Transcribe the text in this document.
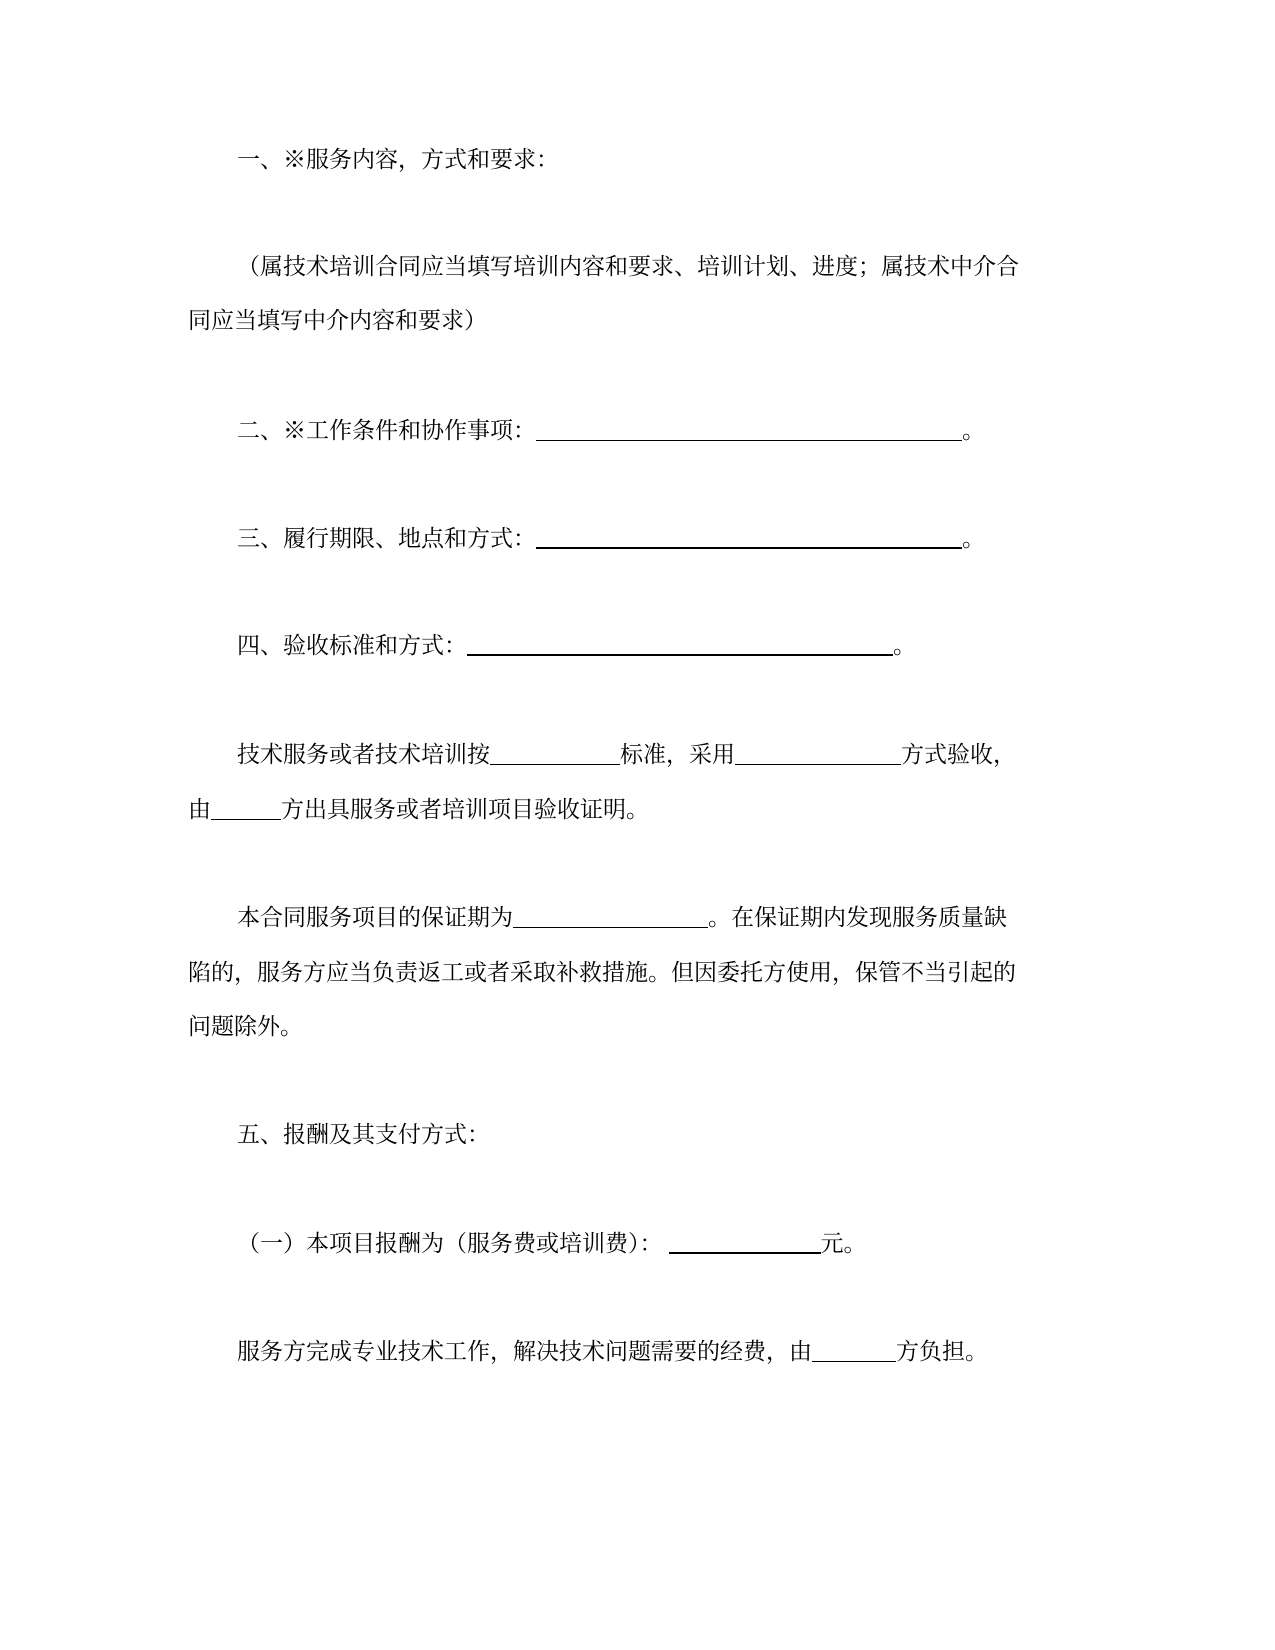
一、※服务内容，方式和要求：
（属技术培训合同应当填写培训内容和要求、培训计划、进度；属技术中介合
同应当填写中介内容和要求）
二、※工作条件和协作事项：	。
三、履行期限、地点和方式：	。
四、验收标准和方式：	。
技术服务或者技术培训按	标准，采用	方式验收，
由	方出具服务或者培训项目验收证明。
本合同服务项目的保证期为	。在保证期内发现服务质量缺
陷的，服务方应当负责返工或者采取补救措施。但因委托方使用，保管不当引起的
问题除外。
五、报酬及其支付方式：
（一）本项目报酬为（服务费或培训费）：	元。
服务方完成专业技术工作，解决技术问题需要的经费，由	方负担。
